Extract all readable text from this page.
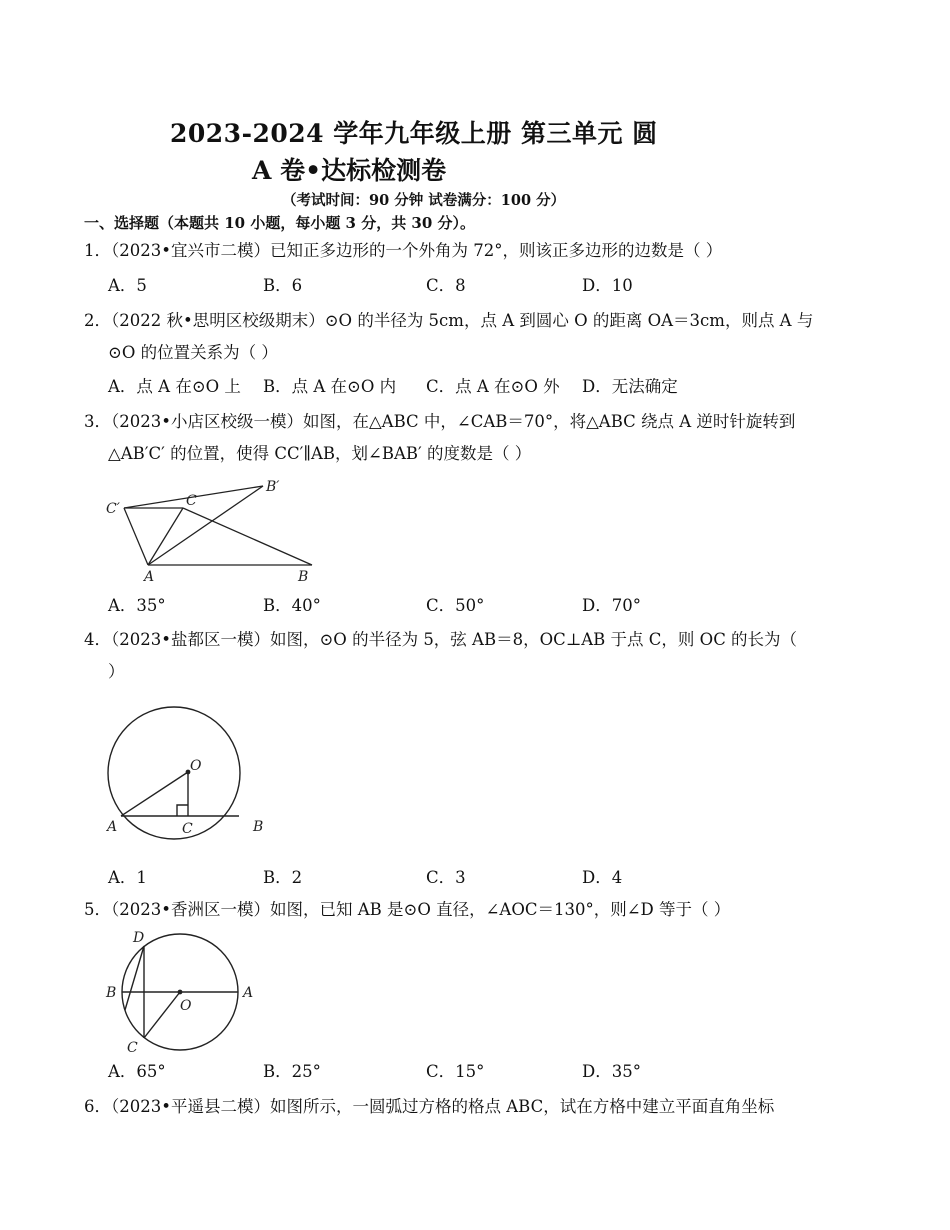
2023-2024 学年九年级上册 第三单元 圆
A 卷•达标检测卷
（考试时间：90 分钟 试卷满分：100 分）
一、选择题（本题共 10 小题，每小题 3 分，共 30 分）。
1．（2023•宜兴市二模）已知正多边形的一个外角为 72°，则该正多边形的边数是（ ）
A．5	B．6	C．8	D．10
2．（2022 秋•思明区校级期末）⊙O 的半径为 5cm，点 A 到圆心 O 的距离 OA＝3cm，则点 A 与
⊙O 的位置关系为（ ）
A．点 A 在⊙O 上 B．点 A 在⊙O 内 C．点 A 在⊙O 外 D．无法确定
3．（2023•小店区校级一模）如图，在△ABC 中，∠CAB＝70°，将△ABC 绕点 A 逆时针旋转到
△AB′C′ 的位置，使得 CC′∥AB，划∠BAB′ 的度数是（ ）
C′	C
B′
A	B
A．35°	B．40°	C．50°	D．70°
4．（2023•盐都区一模）如图，⊙O 的半径为 5，弦 AB＝8，OC⊥AB 于点 C，则 OC 的长为（
）
O
A	C	B
A．1	B．2	C．3	D．4
5．（2023•香洲区一模）如图，已知 AB 是⊙O 直径，∠AOC＝130°，则∠D 等于（ ）
D
B
O
A
C
A．65°	B．25°	C．15°	D．35°
6．（2023•平遥县二模）如图所示，一圆弧过方格的格点 ABC，试在方格中建立平面直角坐标
